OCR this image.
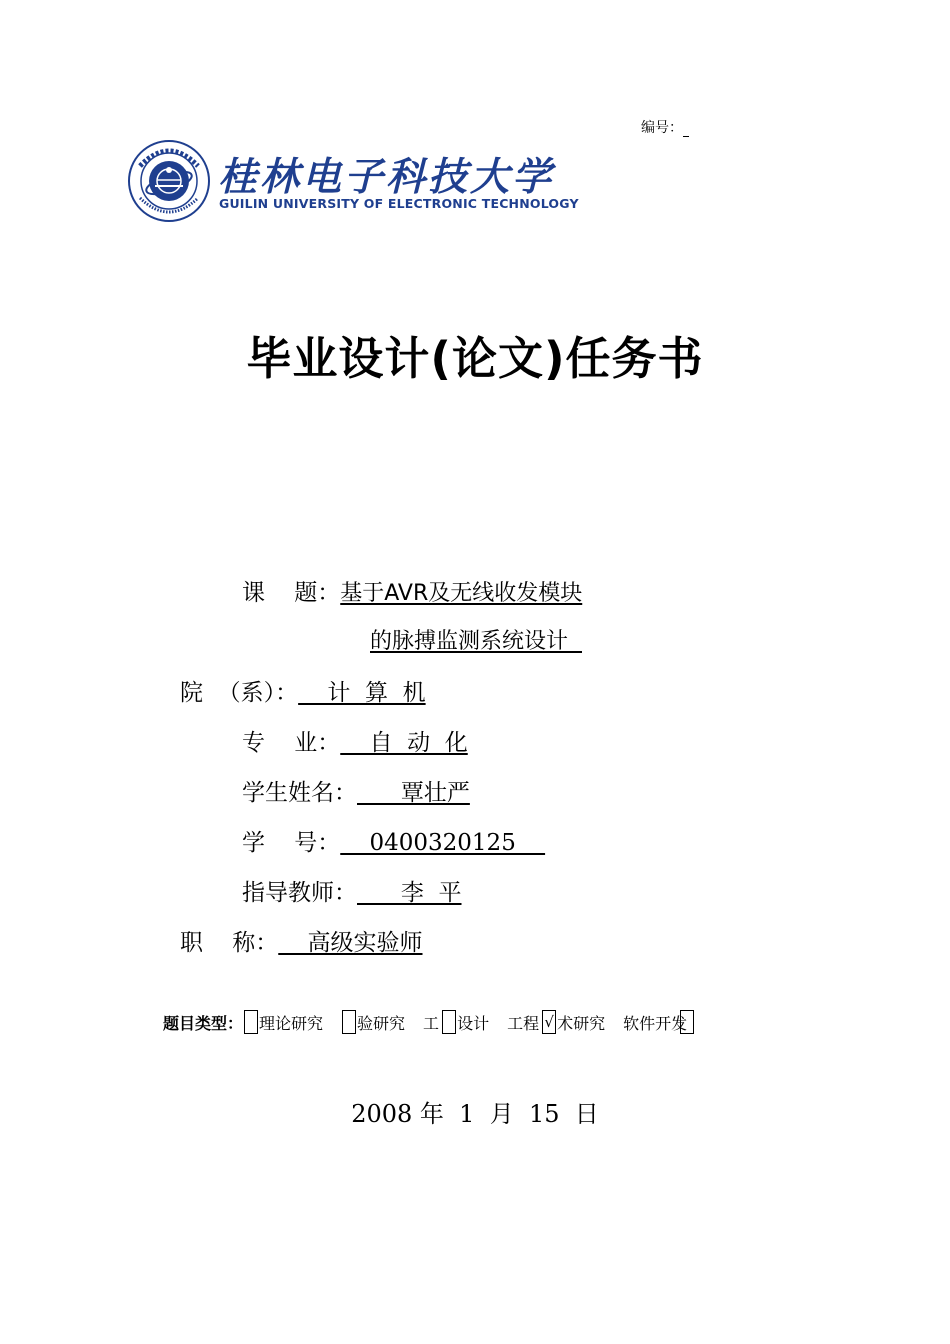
编号：
桂林电子科技大学
GUILIN UNIVERSITY OF ELECTRONIC TECHNOLOGY
毕业设计(论文)任务书
课    题：基于AVR及无线收发模块
的脉搏监测系统设计
院  （系）：    计  算  机
专    业：    自  动  化
学生姓名：      覃壮严
学    号：    0400320125
指导教师：      李  平
职    称：    高级实验师
题目类型： 理论研究 验研究 工 设计 工程 √ 术研究 软件开发
2008 年  1  月  15  日
